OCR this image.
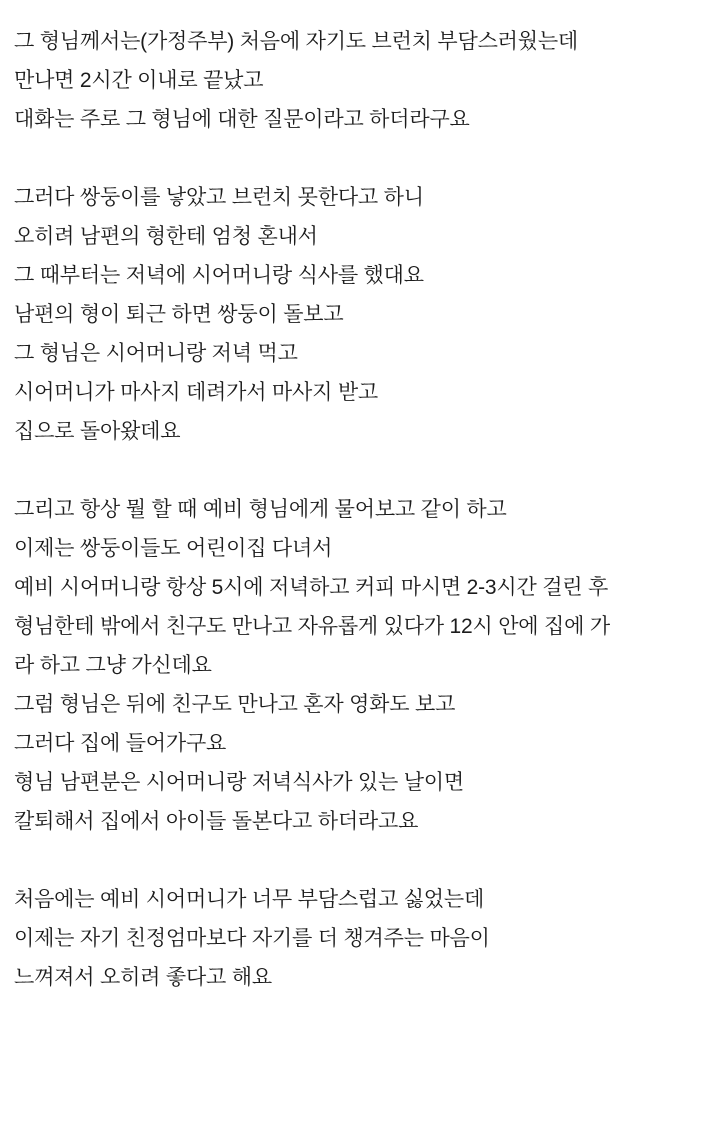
그 형님께서는(가정주부) 처음에 자기도 브런치 부담스러웠는데
만나면 2시간 이내로 끝났고
대화는 주로 그 형님에 대한 질문이라고 하더라구요
그러다 쌍둥이를 낳았고 브런치 못한다고 하니
오히려 남편의 형한테 엄청 혼내서
그 때부터는 저녁에 시어머니랑 식사를 했대요
남편의 형이 퇴근 하면 쌍둥이 돌보고
그 형님은 시어머니랑 저녁 먹고
시어머니가 마사지 데려가서 마사지 받고
집으로 돌아왔데요
그리고 항상 뭘 할 때 예비 형님에게 물어보고 같이 하고
이제는 쌍둥이들도 어린이집 다녀서
예비 시어머니랑 항상 5시에 저녁하고 커피 마시면 2-3시간 걸린 후
형님한테 밖에서 친구도 만나고 자유롭게 있다가 12시 안에 집에 가
라 하고 그냥 가신데요
그럼 형님은 뒤에 친구도 만나고 혼자 영화도 보고
그러다 집에 들어가구요
형님 남편분은 시어머니랑 저녁식사가 있는 날이면
칼퇴해서 집에서 아이들 돌본다고 하더라고요
처음에는 예비 시어머니가 너무 부담스럽고 싫었는데
이제는 자기 친정엄마보다 자기를 더 챙겨주는 마음이
느껴져서 오히려 좋다고 해요
